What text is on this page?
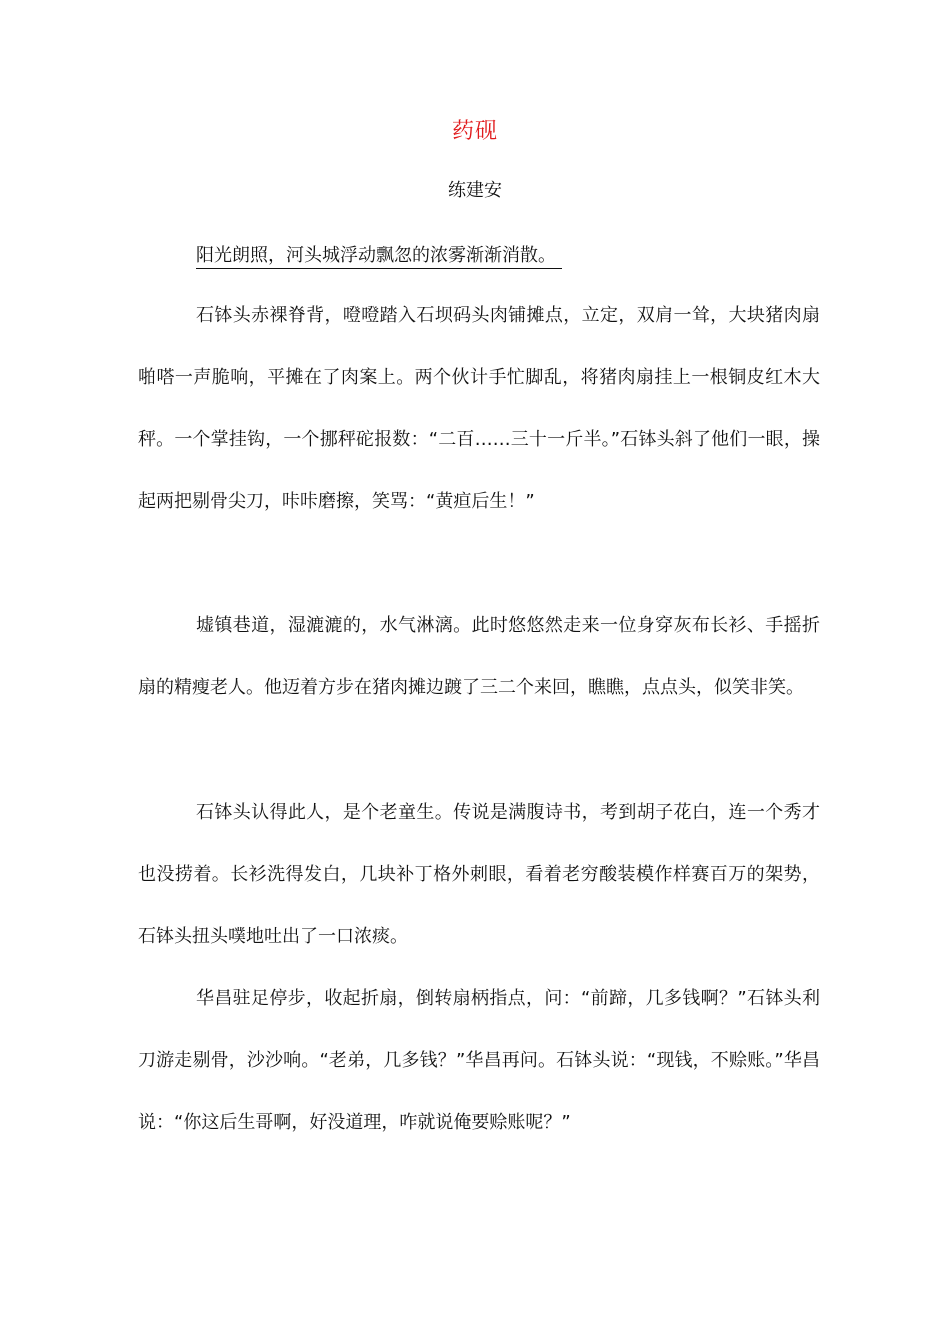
药砚
练建安

阳光朗照，河头城浮动飘忽的浓雾渐渐消散。

石钵头赤裸脊背，噔噔踏入石坝码头肉铺摊点，立定，双肩一耸，大块猪肉扇啪嗒一声脆响，平摊在了肉案上。两个伙计手忙脚乱，将猪肉扇挂上一根铜皮红木大秤。一个掌挂钩，一个挪秤砣报数：“二百……三十一斤半。”石钵头斜了他们一眼，操起两把剔骨尖刀，咔咔磨擦，笑骂：“黄疸后生！”

墟镇巷道，湿漉漉的，水气淋漓。此时悠悠然走来一位身穿灰布长衫、手摇折扇的精瘦老人。他迈着方步在猪肉摊边踱了三二个来回，瞧瞧，点点头，似笑非笑。

石钵头认得此人，是个老童生。传说是满腹诗书，考到胡子花白，连一个秀才也没捞着。长衫洗得发白，几块补丁格外刺眼，看着老穷酸装模作样赛百万的架势，石钵头扭头噗地吐出了一口浓痰。

华昌驻足停步，收起折扇，倒转扇柄指点，问：“前蹄，几多钱啊？”石钵头利刀游走剔骨，沙沙响。“老弟，几多钱？”华昌再问。石钵头说：“现钱，不赊账。”华昌说：“你这后生哥啊，好没道理，咋就说俺要赊账呢？”
